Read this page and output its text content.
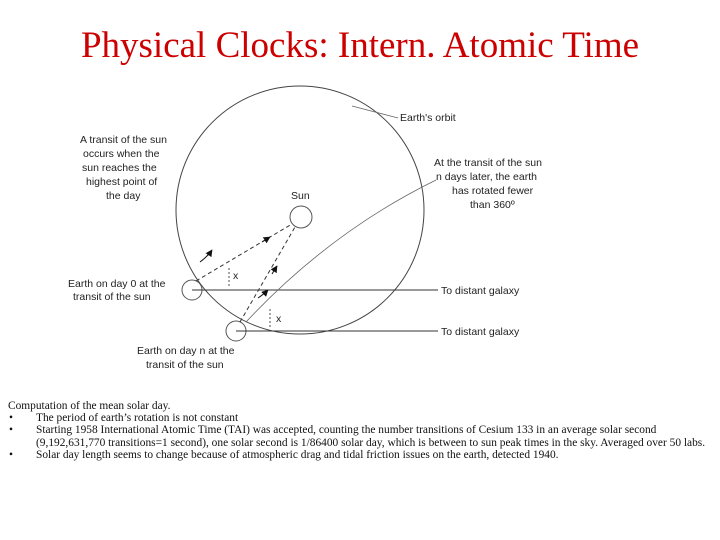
Physical Clocks: Intern. Atomic Time
Earth's orbit
Sun
To distant galaxy
To distant galaxy
x
x
A transit of the sun
occurs when the
sun reaches the
highest point of
the day
At the transit of the sun
n days later, the earth
has rotated fewer
than 360º
Earth on day 0 at the
transit of the sun
Earth on day n at the
transit of the sun

Computation of the mean solar day.

•	The period of earth’s rotation is not constant
•	Starting 1958 International Atomic Time (TAI) was accepted, counting the number transitions of Cesium 133 in an average solar second (9,192,631,770 transitions=1 second), one solar second is 1/86400 solar day, which is between to sun peak times in the sky. Averaged over 50 labs.
•	Solar day length seems to change because of atmospheric drag and tidal friction issues on the earth, detected 1940.
